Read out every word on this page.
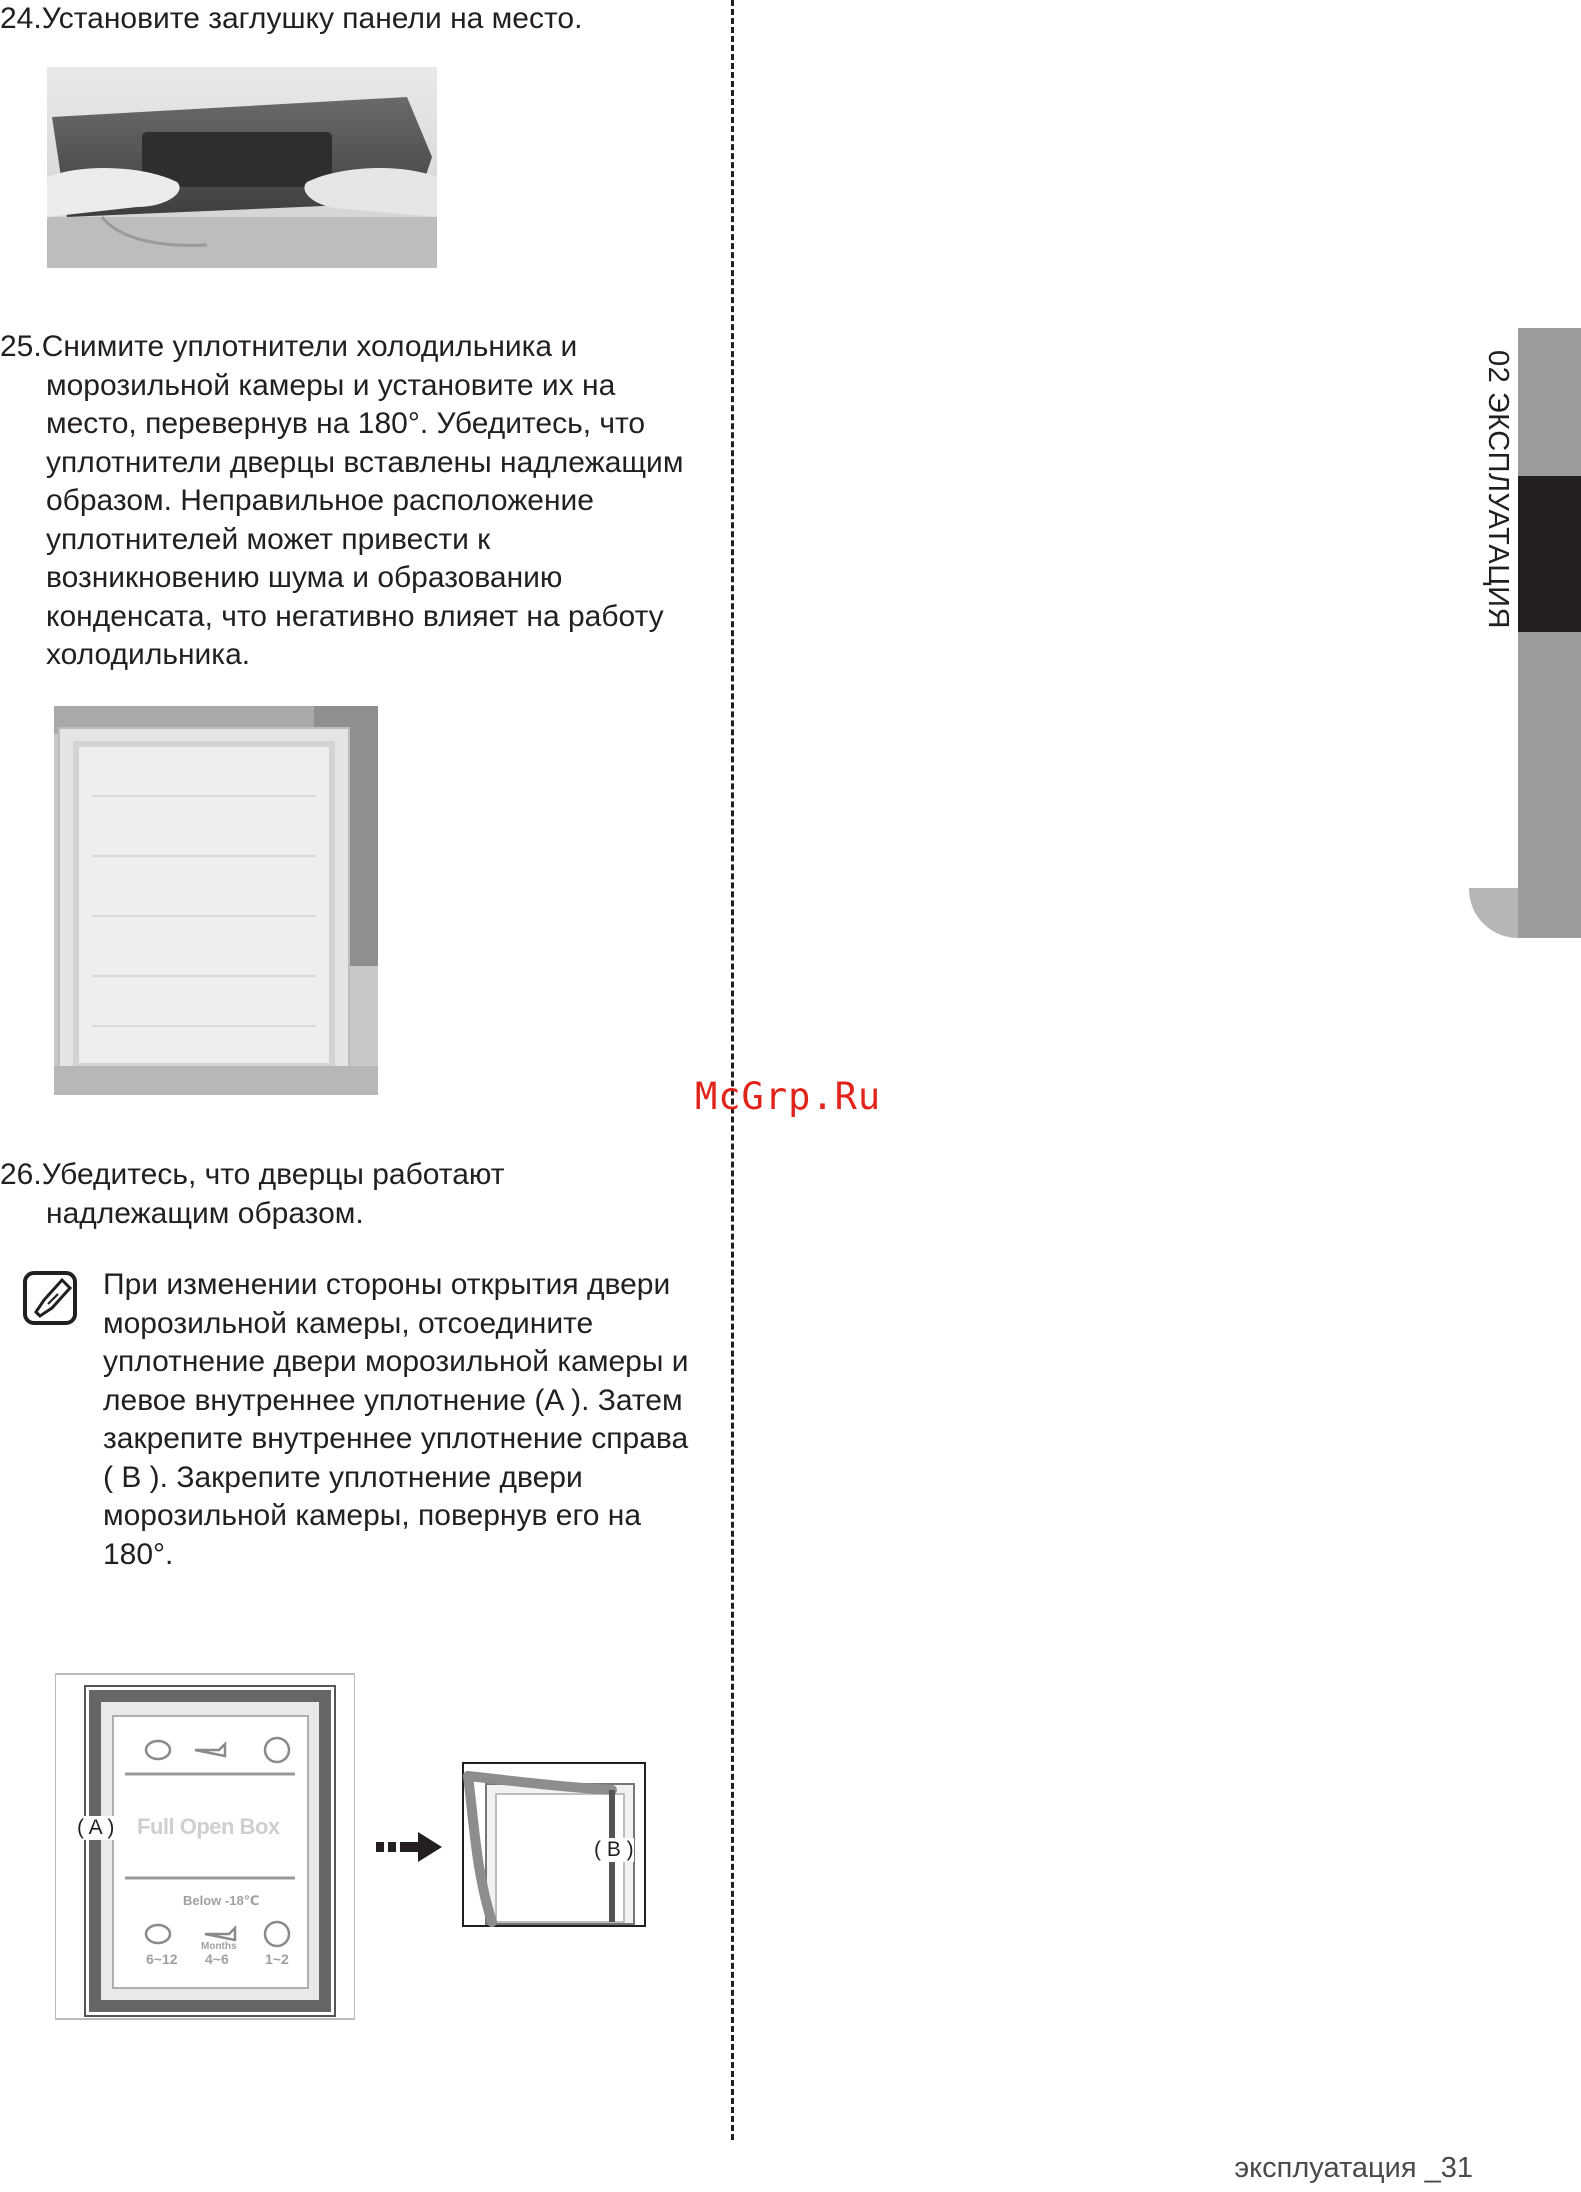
24.Установите заглушку панели на место.
25.Снимите уплотнители холодильника и морозильной камеры и установите их на место, перевернув на 180°. Убедитесь, что уплотнители дверцы вставлены надлежащим образом. Неправильное расположение уплотнителей может привести к возникновению шума и образованию конденсата, что негативно влияет на работу холодильника.
26.Убедитесь, что дверцы работают надлежащим образом.
При изменении стороны открытия двери морозильной камеры, отсоедините уплотнение двери морозильной камеры и левое внутреннее уплотнение (A ). Затем закрепите внутреннее уплотнение справа ( B ). Закрепите уплотнение двери морозильной камеры, повернув его на 180°.
( A ) Full Open Box
Below -18℃
Months
6~12 4~6	1~2
( B )
02 ЭКСПЛУАТАЦИЯ
McGrp.Ru
эксплуатация _31
